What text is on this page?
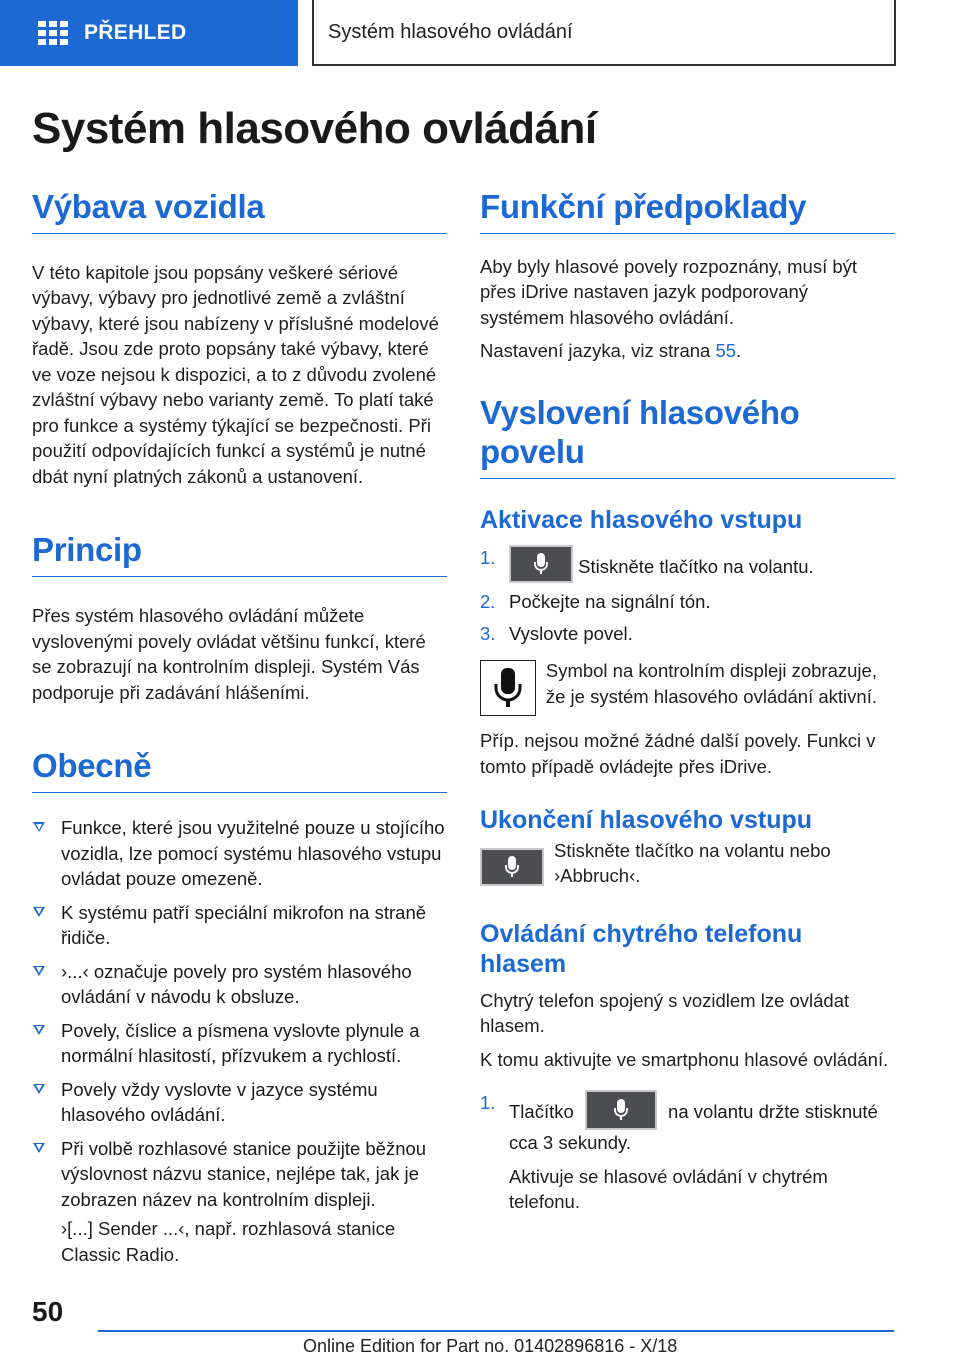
PŘEHLED	Systém hlasového ovládání
Systém hlasového ovládání
Výbava vozidla

V této kapitole jsou popsány veškeré sériové výbavy, výbavy pro jednotlivé země a zvláštní výbavy, které jsou nabízeny v příslušné modelové řadě. Jsou zde proto popsány také výbavy, které ve voze nejsou k dispozici, a to z důvodu zvolené zvláštní výbavy nebo varianty země. To platí také pro funkce a systémy týkající se bezpečnosti. Při použití odpovídajících funkcí a systémů je nutné dbát nyní platných zákonů a ustanovení.

Princip

Přes systém hlasového ovládání můžete vyslovenými povely ovládat většinu funkcí, které se zobrazují na kontrolním displeji. Systém Vás podporuje při zadávání hlášeními.

Obecně
Funkce, které jsou využitelné pouze u stojícího vozidla, lze pomocí systému hlasového vstupu ovládat pouze omezeně.
K systému patří speciální mikrofon na straně řidiče.
›...‹ označuje povely pro systém hlasového ovládání v návodu k obsluze.
Povely, číslice a písmena vyslovte plynule a normální hlasitostí, přízvukem a rychlostí.
Povely vždy vyslovte v jazyce systému hlasového ovládání.
Při volbě rozhlasové stanice použijte běžnou výslovnost názvu stanice, nejlépe tak, jak je zobrazen název na kontrolním displeji.

›[...] Sender ...‹, např. rozhlasová stanice Classic Radio.

Funkční předpoklady

Aby byly hlasové povely rozpoznány, musí být přes iDrive nastaven jazyk podporovaný systémem hlasového ovládání.

Nastavení jazyka, viz strana 55.

Vyslovení hlasového povelu
Aktivace hlasového vstupu
1.	Stiskněte tlačítko na volantu.
2. Počkejte na signální tón.
3. Vyslovte povel.

Symbol na kontrolním displeji zobrazuje, že je systém hlasového ovládání aktivní.

Příp. nejsou možné žádné další povely. Funkci v tomto případě ovládejte přes iDrive.

Ukončení hlasového vstupu

Stiskněte tlačítko na volantu nebo ›Abbruch‹.

Ovládání chytrého telefonu hlasem

Chytrý telefon spojený s vozidlem lze ovládat hlasem.

K tomu aktivujte ve smartphonu hlasové ovládání.

1. Tlačítko	na volantu držte stisknuté cca 3 sekundy.

Aktivuje se hlasové ovládání v chytrém telefonu.

50
Online Edition for Part no. 01402896816 - X/18
